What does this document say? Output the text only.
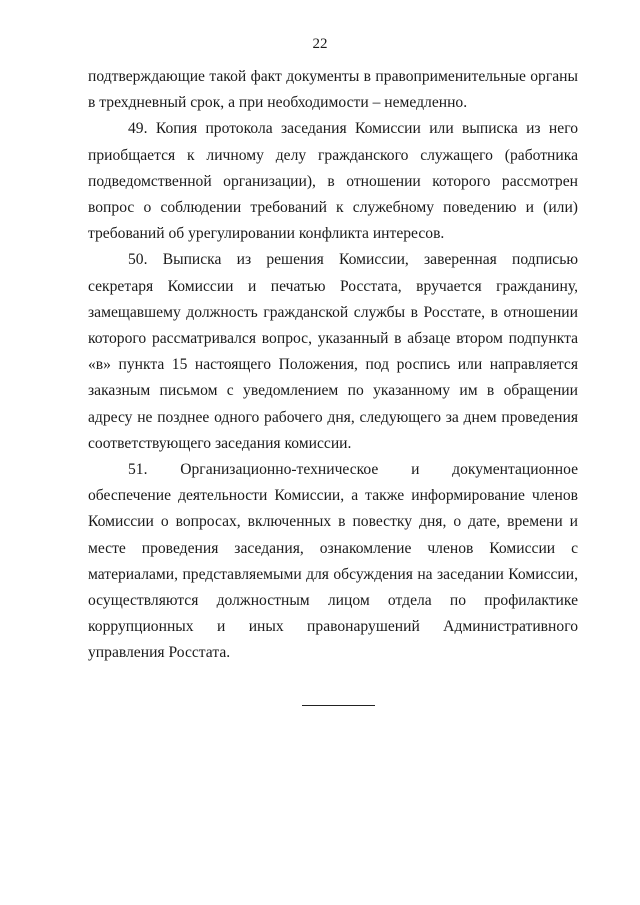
22

подтверждающие такой факт документы в правоприменительные органы в трехдневный срок, а при необходимости – немедленно.

49. Копия протокола заседания Комиссии или выписка из него приобщается к личному делу гражданского служащего (работника подведомственной организации), в отношении которого рассмотрен вопрос о соблюдении требований к служебному поведению и (или) требований об урегулировании конфликта интересов.

50. Выписка из решения Комиссии, заверенная подписью секретаря Комиссии и печатью Росстата, вручается гражданину, замещавшему должность гражданской службы в Росстате, в отношении которого рассматривался вопрос, указанный в абзаце втором подпункта «в» пункта 15 настоящего Положения, под роспись или направляется заказным письмом с уведомлением по указанному им в обращении адресу не позднее одного рабочего дня, следующего за днем проведения соответствующего заседания комиссии.

51. Организационно-техническое и документационное обеспечение деятельности Комиссии, а также информирование членов Комиссии о вопросах, включенных в повестку дня, о дате, времени и месте проведения заседания, ознакомление членов Комиссии с материалами, представляемыми для обсуждения на заседании Комиссии, осуществляются должностным лицом отдела по профилактике коррупционных и иных правонарушений Административного управления Росстата.
